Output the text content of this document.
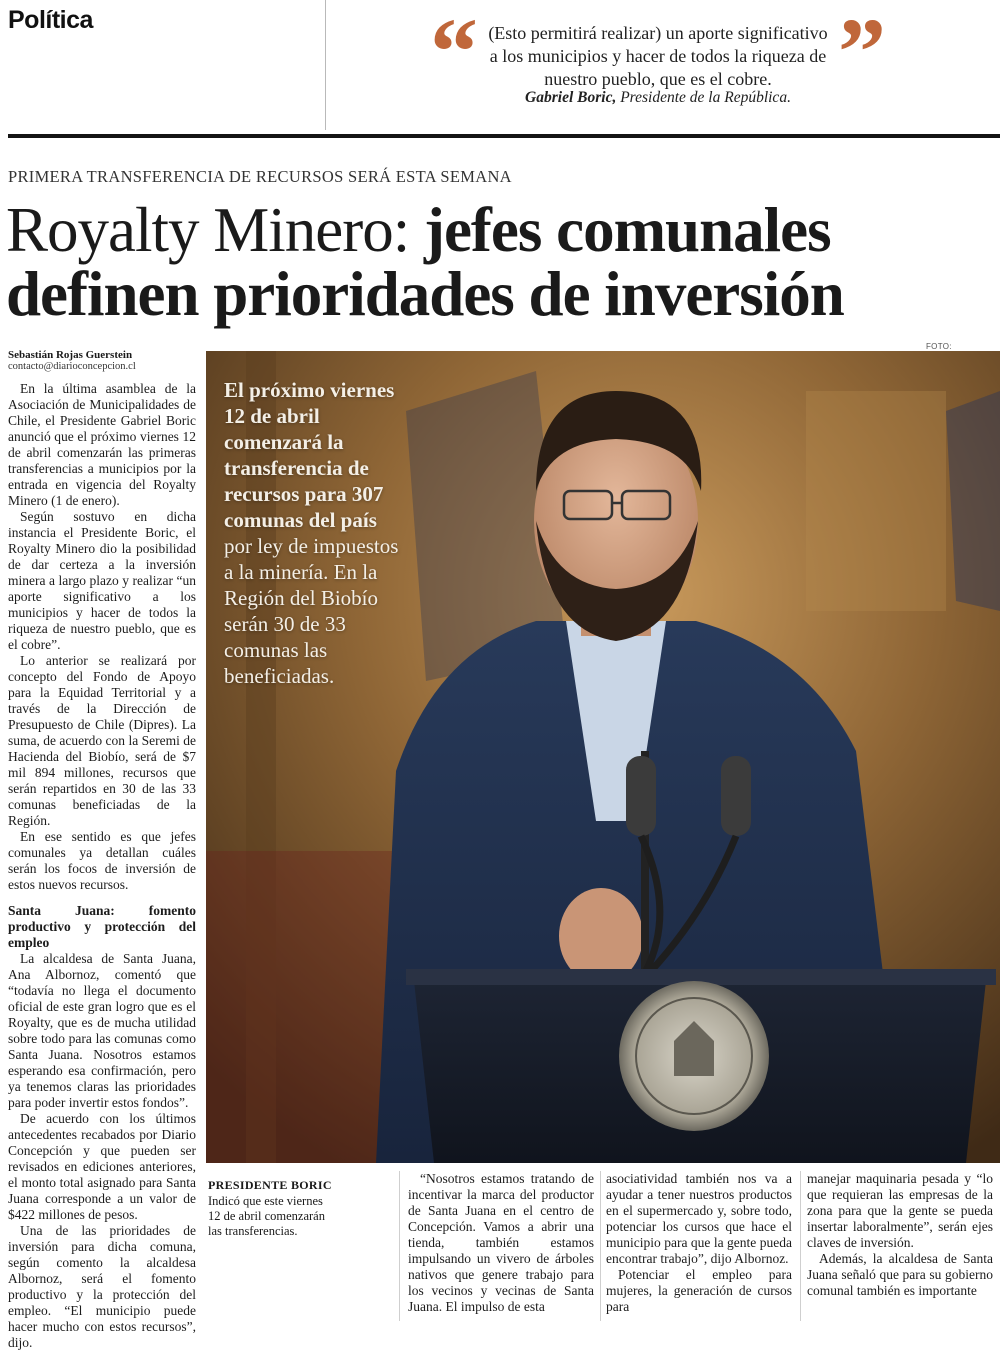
Política	“ (Esto permitirá realizar) un aporte significativo a los municipios y hacer de todos la riqueza de nuestro pueblo, que es el cobre.
Gabriel Boric, Presidente de la República. ”
PRIMERA TRANSFERENCIA DE RECURSOS SERÁ ESTA SEMANA
Royalty Minero: jefes comunales definen prioridades de inversión
Sebastián Rojas Guerstein
contacto@diarioconcepcion.cl

En la última asamblea de la Asociación de Municipalidades de Chile, el Presidente Gabriel Boric anunció que el próximo viernes 12 de abril comenzarán las primeras transferencias a municipios por la entrada en vigencia del Royalty Minero (1 de enero).

Según sostuvo en dicha instancia el Presidente Boric, el Royalty Minero dio la posibilidad de dar certeza a la inversión minera a largo plazo y realizar “un aporte significativo a los municipios y hacer de todos la riqueza de nuestro pueblo, que es el cobre”.

Lo anterior se realizará por concepto del Fondo de Apoyo para la Equidad Territorial y a través de la Dirección de Presupuesto de Chile (Dipres). La suma, de acuerdo con la Seremi de Hacienda del Biobío, será de $7 mil 894 millones, recursos que serán repartidos en 30 de las 33 comunas beneficiadas de la Región.

En ese sentido es que jefes comunales ya detallan cuáles serán los focos de inversión de estos nuevos recursos.

Santa Juana: fomento productivo y protección del empleo

La alcaldesa de Santa Juana, Ana Albornoz, comentó que “todavía no llega el documento oficial de este gran logro que es el Royalty, que es de mucha utilidad sobre todo para las comunas como Santa Juana. Nosotros estamos esperando esa confirmación, pero ya tenemos claras las prioridades para poder invertir estos fondos”.

De acuerdo con los últimos antecedentes recabados por Diario Concepción y que pueden ser revisados en ediciones anteriores, el monto total asignado para Santa Juana corresponde a un valor de $422 millones de pesos.

Una de las prioridades de inversión para dicha comuna, según comento la alcaldesa Albornoz, será el fomento productivo y la protección del empleo. “El municipio puede hacer mucho con estos recursos”, dijo.

FOTO:
El próximo viernes 12 de abril comenzará la transferencia de recursos para 307 comunas del país por ley de impuestos a la minería. En la Región del Biobío serán 30 de 33 comunas las beneficiadas.
PRESIDENTE BORIC
Indicó que este viernes 12 de abril comenzarán las transferencias.

“Nosotros estamos tratando de incentivar la marca del productor de Santa Juana en el centro de Concepción. Vamos a abrir una tienda, también estamos impulsando un vivero de árboles nativos que genere trabajo para los vecinos y vecinas de Santa Juana. El impulso de esta

asociatividad también nos va a ayudar a tener nuestros productos en el supermercado y, sobre todo, potenciar los cursos que hace el municipio para que la gente pueda encontrar trabajo”, dijo Albornoz.

Potenciar el empleo para mujeres, la generación de cursos para

manejar maquinaria pesada y “lo que requieran las empresas de la zona para que la gente se pueda insertar laboralmente”, serán ejes claves de inversión.

Además, la alcaldesa de Santa Juana señaló que para su gobierno comunal también es importante
